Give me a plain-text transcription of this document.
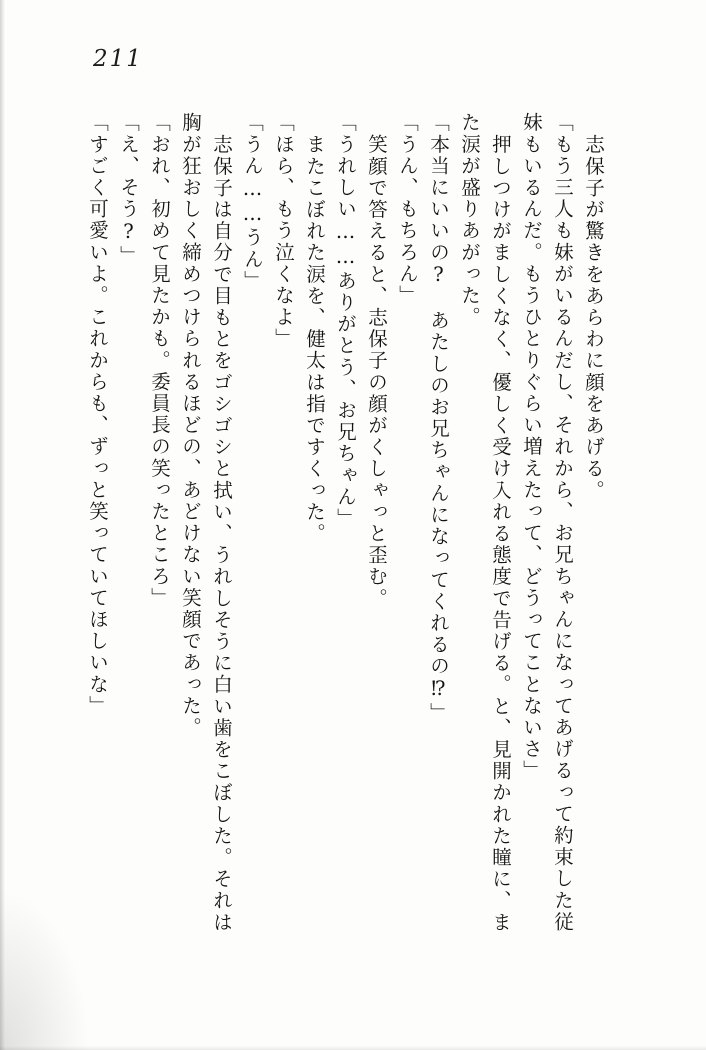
211

志保子が驚きをあらわに顔をあげる。

「もう三人も妹がいるんだし、それから、お兄ちゃんになってあげるって約束した従妹もいるんだ。もうひとりぐらい増えたって、どうってことないさ」

押しつけがましくなく、優しく受け入れる態度で告げる。と、見開かれた瞳に、また涙が盛りあがった。

「本当にいいの?　あたしのお兄ちゃんになってくれるの⁉」

「うん、もちろん」

笑顔で答えると、志保子の顔がくしゃっと歪む。

「うれしい……ありがとう、お兄ちゃん」

またこぼれた涙を、健太は指ですくった。

「ほら、もう泣くなよ」

「うん……うん」

志保子は自分で目もとをゴシゴシと拭い、うれしそうに白い歯をこぼした。それは胸が狂おしく締めつけられるほどの、あどけない笑顔であった。

「おれ、初めて見たかも。委員長の笑ったところ」

「え、そう?」

「すごく可愛いよ。これからも、ずっと笑っていてほしいな」
